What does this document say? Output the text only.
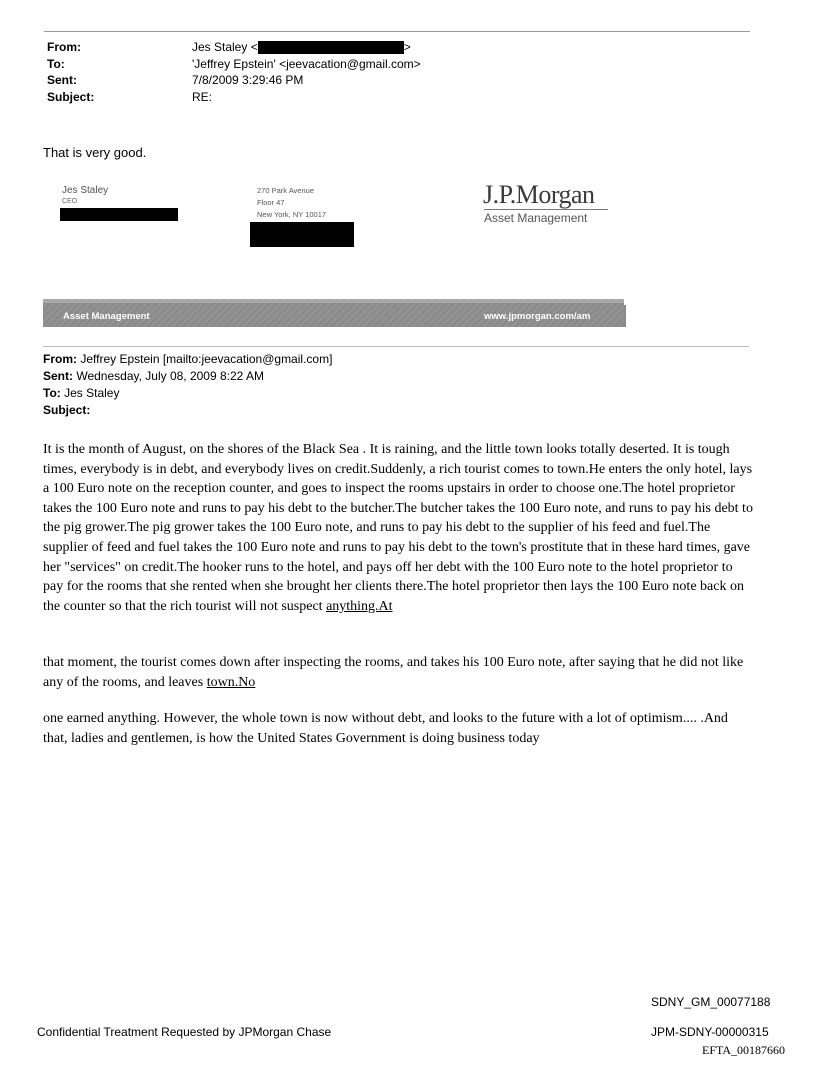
From:	Jes Staley <	>
To:	'Jeffrey Epstein' <jeevacation@gmail.com>
Sent:	7/8/2009 3:29:46 PM
Subject:	RE:
That is very good.
Jes Staley
CEO
270 Park Avenue
Floor 47
New York, NY 10017
J.P.Morgan
Asset Management
Asset Management	www.jpmorgan.com/am
From: Jeffrey Epstein [mailto:jeevacation@gmail.com]
Sent: Wednesday, July 08, 2009 8:22 AM
To: Jes Staley
Subject:

It is the month of August, on the shores of the Black Sea . It is raining, and the little town looks totally deserted. It is tough times, everybody is in debt, and everybody lives on credit.Suddenly, a rich tourist comes to town.He enters the only hotel, lays a 100 Euro note on the reception counter, and goes to inspect the rooms upstairs in order to choose one.The hotel proprietor takes the 100 Euro note and runs to pay his debt to the butcher.The butcher takes the 100 Euro note, and runs to pay his debt to the pig grower.The pig grower takes the 100 Euro note, and runs to pay his debt to the supplier of his feed and fuel.The supplier of feed and fuel takes the 100 Euro note and runs to pay his debt to the town's prostitute that in these hard times, gave her "services" on credit.The hooker runs to the hotel, and pays off her debt with the 100 Euro note to the hotel proprietor to pay for the rooms that she rented when she brought her clients there.The hotel proprietor then lays the 100 Euro note back on the counter so that the rich tourist will not suspect anything.At

that moment, the tourist comes down after inspecting the rooms, and takes his 100 Euro note, after saying that he did not like any of the rooms, and leaves town.No

one earned anything. However, the whole town is now without debt, and looks to the future with a lot of optimism.... .And that, ladies and gentlemen, is how the United States Government is doing business today

SDNY_GM_00077188
Confidential Treatment Requested by JPMorgan Chase	JPM-SDNY-00000315
EFTA_00187660
